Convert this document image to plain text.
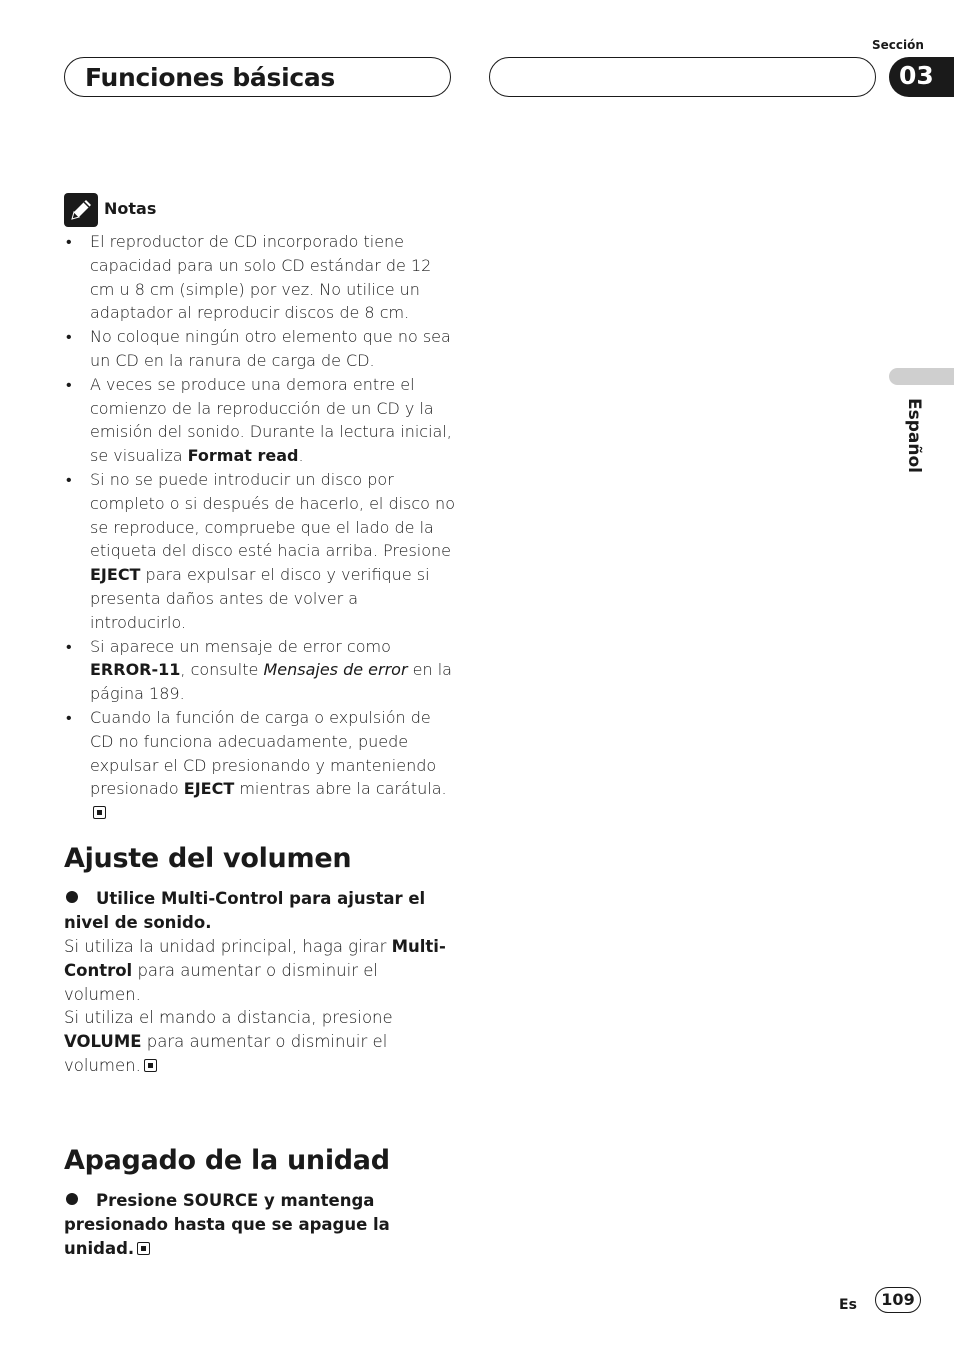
Funciones básicas
Sección
03
Español
Notas
• El reproductor de CD incorporado tiene capacidad para un solo CD estándar de 12 cm u 8 cm (simple) por vez. No utilice un adaptador al reproducir discos de 8 cm.
• No coloque ningún otro elemento que no sea un CD en la ranura de carga de CD.
• A veces se produce una demora entre el comienzo de la reproducción de un CD y la emisión del sonido. Durante la lectura inicial, se visualiza Format read.
• Si no se puede introducir un disco por completo o si después de hacerlo, el disco no se reproduce, compruebe que el lado de la etiqueta del disco esté hacia arriba. Presione EJECT para expulsar el disco y verifique si presenta daños antes de volver a introducirlo.
• Si aparece un mensaje de error como ERROR-11, consulte Mensajes de error en la página 189.
• Cuando la función de carga o expulsión de CD no funciona adecuadamente, puede expulsar el CD presionando y manteniendo presionado EJECT mientras abre la carátula.
Ajuste del volumen
Utilice Multi-Control para ajustar el nivel de sonido.
Si utiliza la unidad principal, haga girar Multi-Control para aumentar o disminuir el volumen.
Si utiliza el mando a distancia, presione VOLUME para aumentar o disminuir el volumen.
Apagado de la unidad
Presione SOURCE y mantenga presionado hasta que se apague la unidad.
Es	109
